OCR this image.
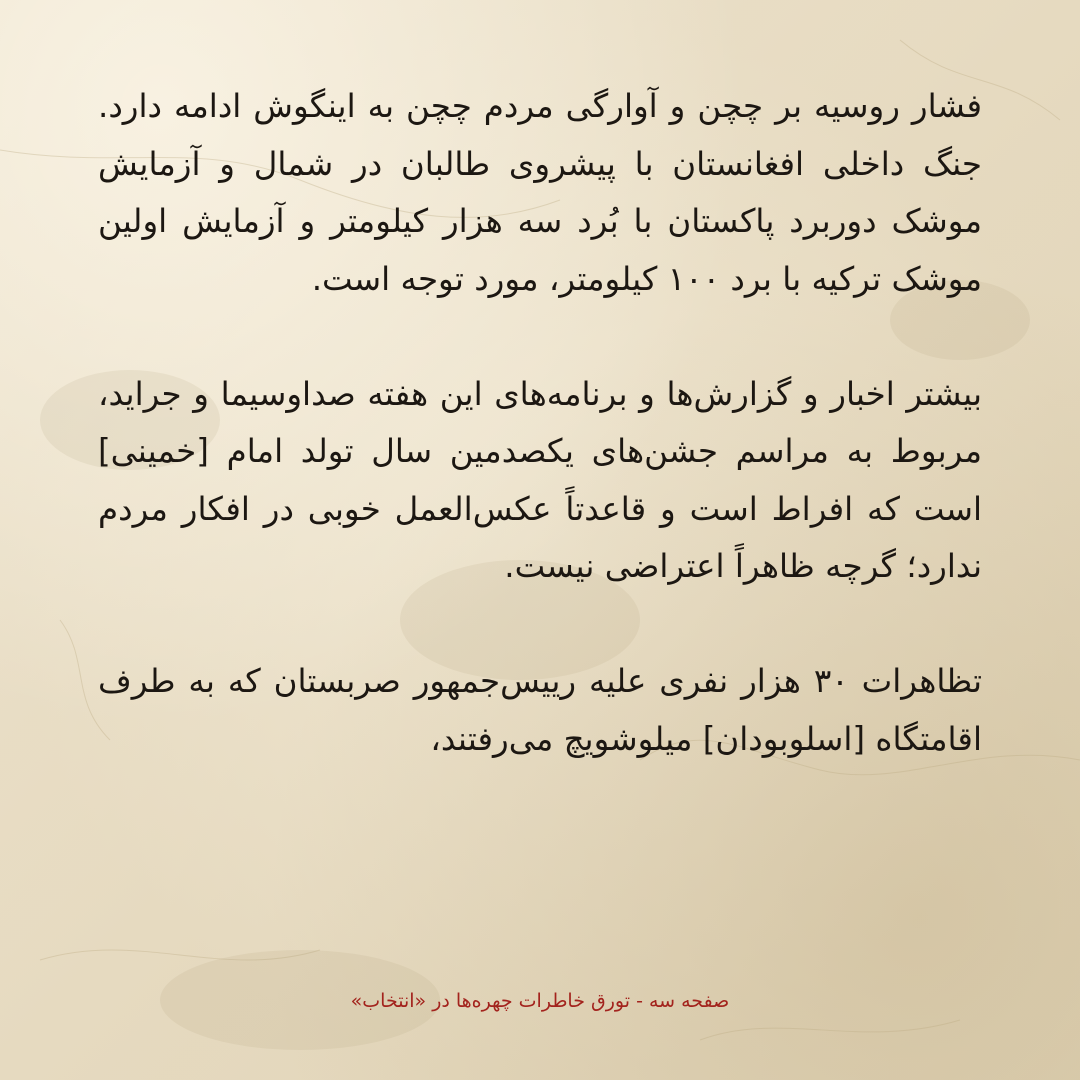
فشار روسیه بر چچن و آوارگی مردم چچن به اینگوش ادامه دارد. جنگ داخلی افغانستان با پیشروی طالبان در شمال و آزمایش موشک دوربرد پاکستان با بُرد سه هزار کیلومتر و آزمایش اولین موشک ترکیه با برد ۱۰۰ کیلومتر، مورد توجه است.

بیشتر اخبار و گزارش‌ها و برنامه‌های این هفته صداوسیما و جراید، مربوط به مراسم جشن‌های یکصدمین سال تولد امام [خمینی] است که افراط است و قاعدتاً عکس‌العمل خوبی در افکار مردم ندارد؛ گرچه ظاهراً اعتراضی نیست.

تظاهرات ۳۰ هزار نفری علیه رییس‌جمهور صربستان که به طرف اقامتگاه [اسلوبودان] میلوشویچ می‌رفتند،

صفحه سه - تورق خاطرات چهره‌ها در «انتخاب»
